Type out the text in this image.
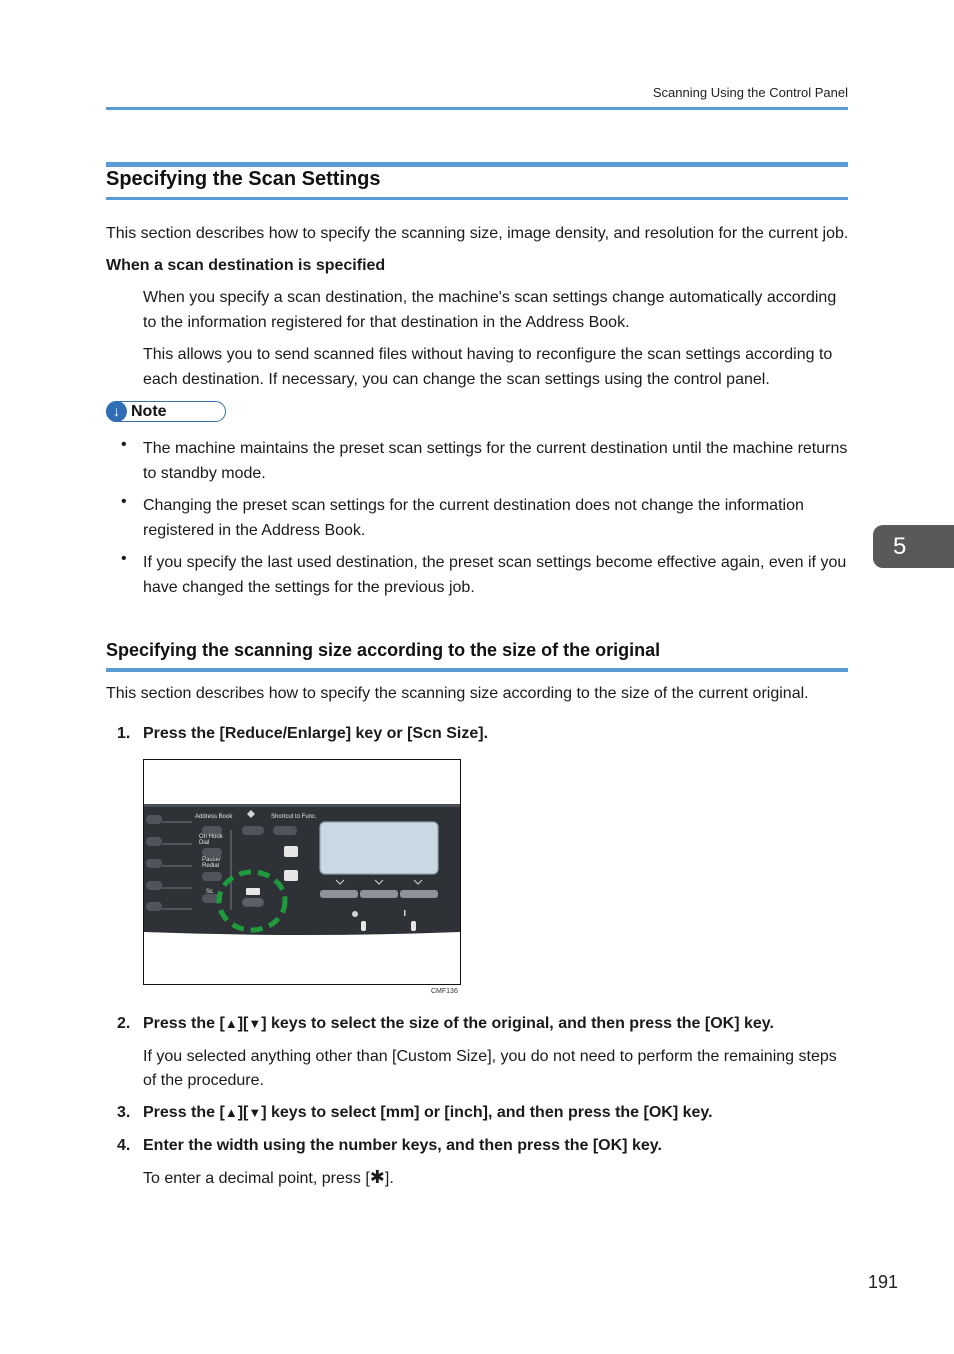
Scanning Using the Control Panel
Specifying the Scan Settings
This section describes how to specify the scanning size, image density, and resolution for the current job.
When a scan destination is specified
When you specify a scan destination, the machine's scan settings change automatically according
to the information registered for that destination in the Address Book.
This allows you to send scanned files without having to reconfigure the scan settings according to
each destination. If necessary, you can change the scan settings using the control panel.
↓ Note
• The machine maintains the preset scan settings for the current destination until the machine returns
to standby mode.
• Changing the preset scan settings for the current destination does not change the information
registered in the Address Book.
• If you specify the last used destination, the preset scan settings become effective again, even if you
have changed the settings for the previous job.
5
Specifying the scanning size according to the size of the original
This section describes how to specify the scanning size according to the size of the current original.
1. Press the [Reduce/Enlarge] key or [Scn Size].
Address Book	Shortcut to Func.
On Hook
Dial
Pause/
Redial
Sc
CMF136
2. Press the [▲][▼] keys to select the size of the original, and then press the [OK] key.
If you selected anything other than [Custom Size], you do not need to perform the remaining steps
of the procedure.
3. Press the [▲][▼] keys to select [mm] or [inch], and then press the [OK] key.
4. Enter the width using the number keys, and then press the [OK] key.
To enter a decimal point, press [✱].
191
